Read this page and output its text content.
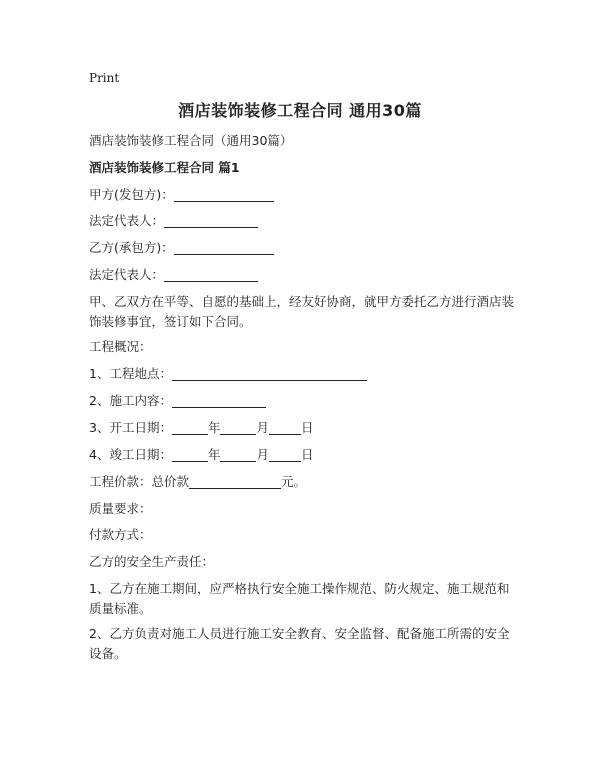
Print
酒店装饰装修工程合同 通用30篇
酒店装饰装修工程合同（通用30篇）
酒店装饰装修工程合同 篇1
甲方(发包方)：
法定代表人：
乙方(承包方)：
法定代表人：
甲、乙双方在平等、自愿的基础上，经友好协商，就甲方委托乙方进行酒店装饰装修事宜，签订如下合同。
工程概况：
1、工程地点：
2、施工内容：
3、开工日期：	年	月	日
4、竣工日期：	年	月	日
工程价款：总价款	元。
质量要求：
付款方式：
乙方的安全生产责任：
1、乙方在施工期间，应严格执行安全施工操作规范、防火规定、施工规范和质量标准。
2、乙方负责对施工人员进行施工安全教育、安全监督、配备施工所需的安全设备。
